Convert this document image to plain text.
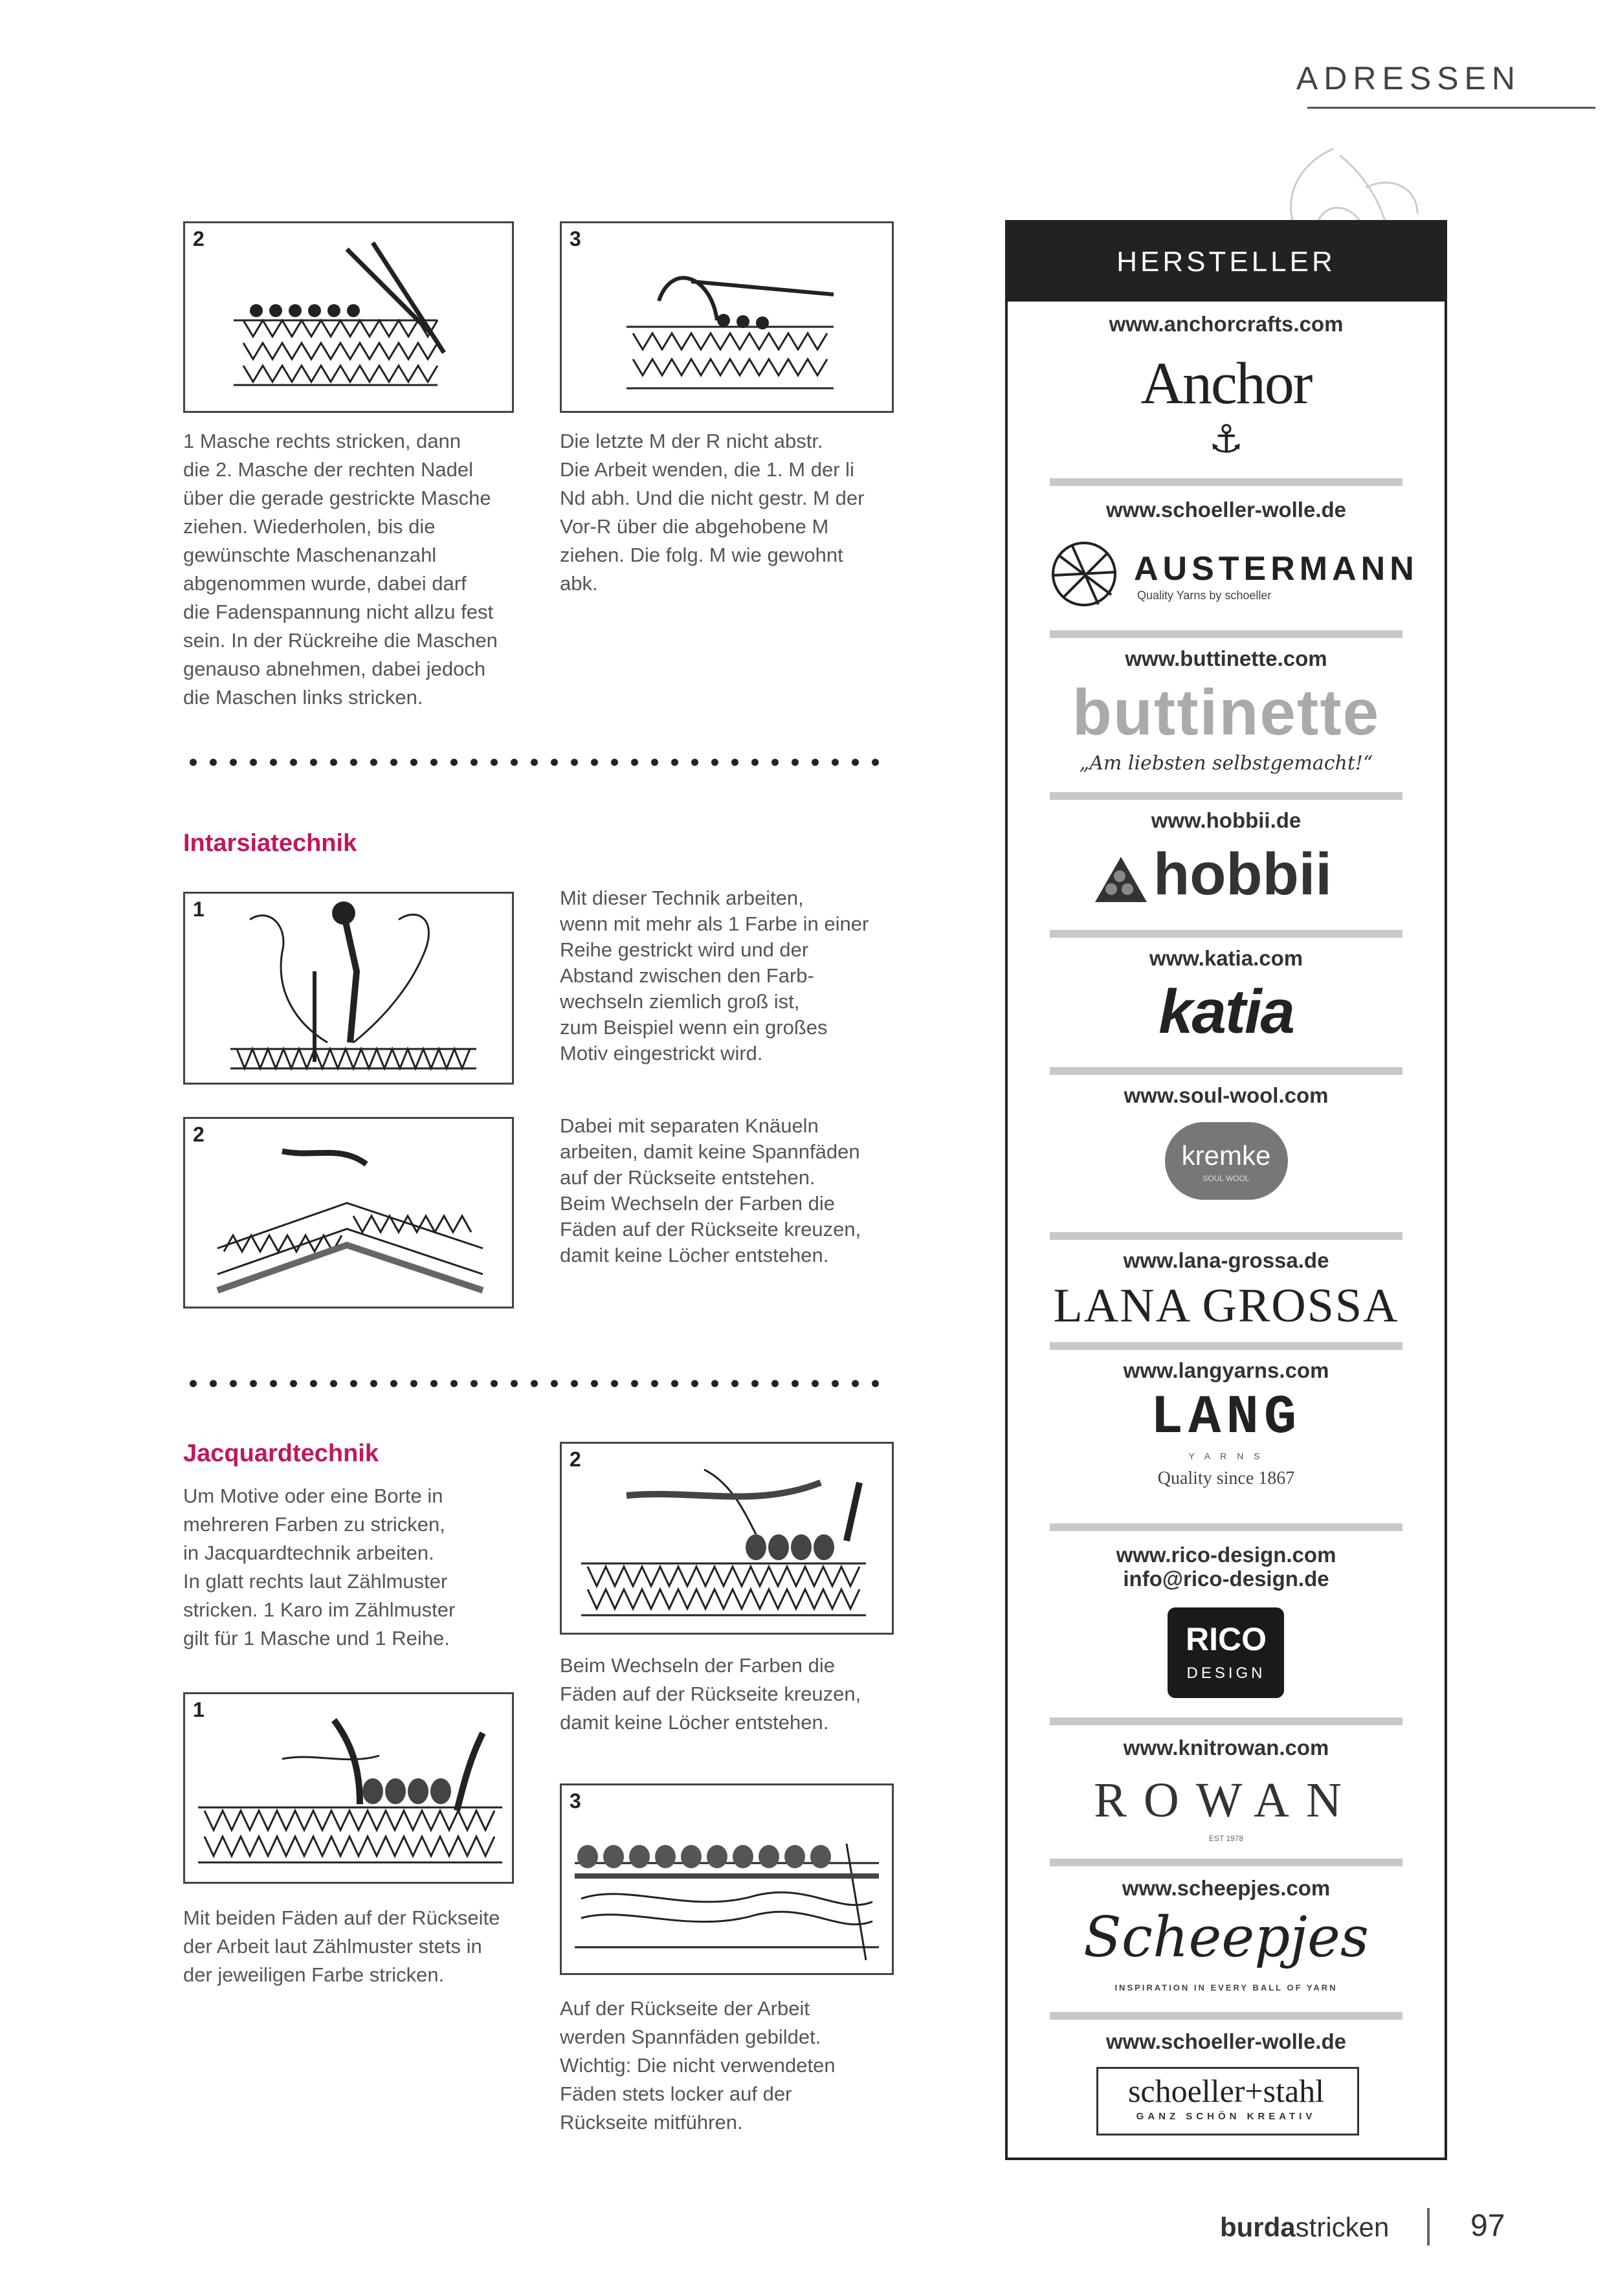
ADRESSEN
2	3
1 Masche rechts stricken, dann
die 2. Masche der rechten Nadel
über die gerade gestrickte Masche
ziehen. Wiederholen, bis die
gewünschte Maschenanzahl
abgenommen wurde, dabei darf
die Fadenspannung nicht allzu fest
sein. In der Rückreihe die Maschen
genauso abnehmen, dabei jedoch
die Maschen links stricken.
Die letzte M der R nicht abstr.
Die Arbeit wenden, die 1. M der li
Nd abh. Und die nicht gestr. M der
Vor-R über die abgehobene M
ziehen. Die folg. M wie gewohnt
abk.
Intarsiatechnik
1	Mit dieser Technik arbeiten,
wenn mit mehr als 1 Farbe in einer
Reihe gestrickt wird und der
Abstand zwischen den Farb-
wechseln ziemlich groß ist,
zum Beispiel wenn ein großes
Motiv eingestrickt wird.
2	Dabei mit separaten Knäueln
arbeiten, damit keine Spannfäden
auf der Rückseite entstehen.
Beim Wechseln der Farben die
Fäden auf der Rückseite kreuzen,
damit keine Löcher entstehen.
Jacquardtechnik
Um Motive oder eine Borte in
mehreren Farben zu stricken,
in Jacquardtechnik arbeiten.
In glatt rechts laut Zählmuster
stricken. 1 Karo im Zählmuster
gilt für 1 Masche und 1 Reihe.
2
Beim Wechseln der Farben die
Fäden auf der Rückseite kreuzen,
damit keine Löcher entstehen.
1
Mit beiden Fäden auf der Rückseite
der Arbeit laut Zählmuster stets in
der jeweiligen Farbe stricken.
3
Auf der Rückseite der Arbeit
werden Spannfäden gebildet.
Wichtig: Die nicht verwendeten
Fäden stets locker auf der
Rückseite mitführen.
HERSTELLER
www.anchorcrafts.com
Anchor
⚓
www.schoeller-wolle.de
AUSTERMANN
Quality Yarns by schoeller
www.buttinette.com
buttinette
„Am liebsten selbstgemacht!“
www.hobbii.de
hobbii
www.katia.com
katia
www.soul-wool.com
kremke
SOUL WOOL
www.lana-grossa.de
LANA GROSSA
www.langyarns.com
LANG
Y A R N S
Quality since 1867
www.rico-design.com
info@rico-design.de
RICO
DESIGN
www.knitrowan.com
ROWAN
EST 1978
www.scheepjes.com
Scheepjes
INSPIRATION IN EVERY BALL OF YARN
www.schoeller-wolle.de
schoeller+stahl
GANZ SCHÖN KREATIV
burdastricken	97
